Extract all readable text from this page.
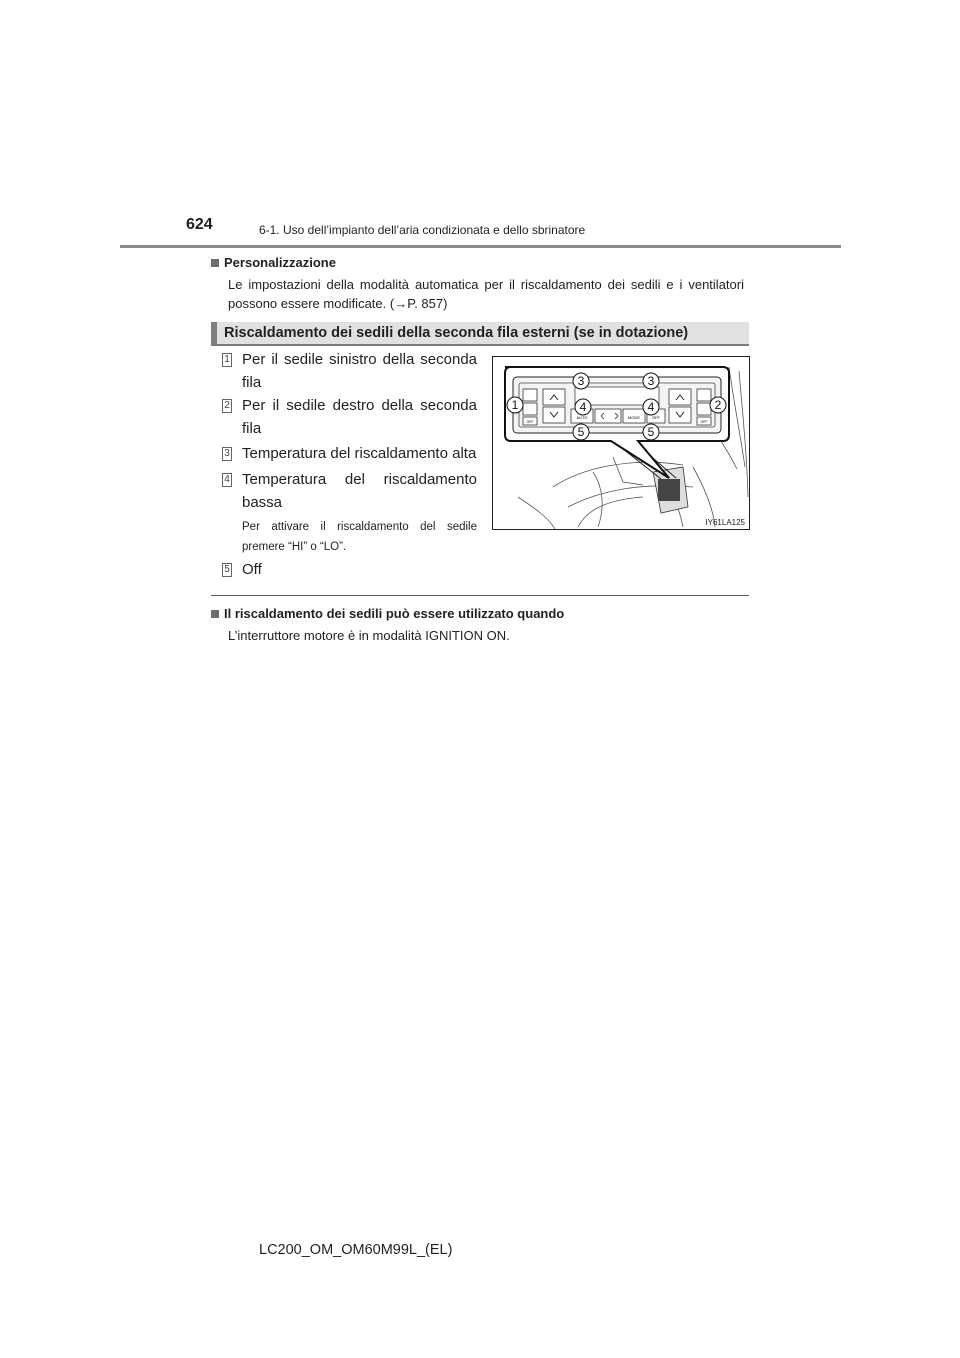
624	6-1. Uso dell’impianto dell’aria condizionata e dello sbrinatore
Personalizzazione
Le impostazioni della modalità automatica per il riscaldamento dei sedili e i ventilatori possono essere modificate. (→P. 857)
Riscaldamento dei sedili della seconda fila esterni (se in dotazione)
1 Per il sedile sinistro della seconda fila
2 Per il sedile destro della seconda fila
3 Temperatura del riscaldamento alta
4 Temperatura del riscaldamento bassa
Per attivare il riscaldamento del sedile premere “HI” o “LO”.
5 Off
AUTO	MODE	OFF
OFF	OFF
3	3
1	2
4	4
5	5
IY61LA125
Il riscaldamento dei sedili può essere utilizzato quando
L’interruttore motore è in modalità IGNITION ON.
LC200_OM_OM60M99L_(EL)
